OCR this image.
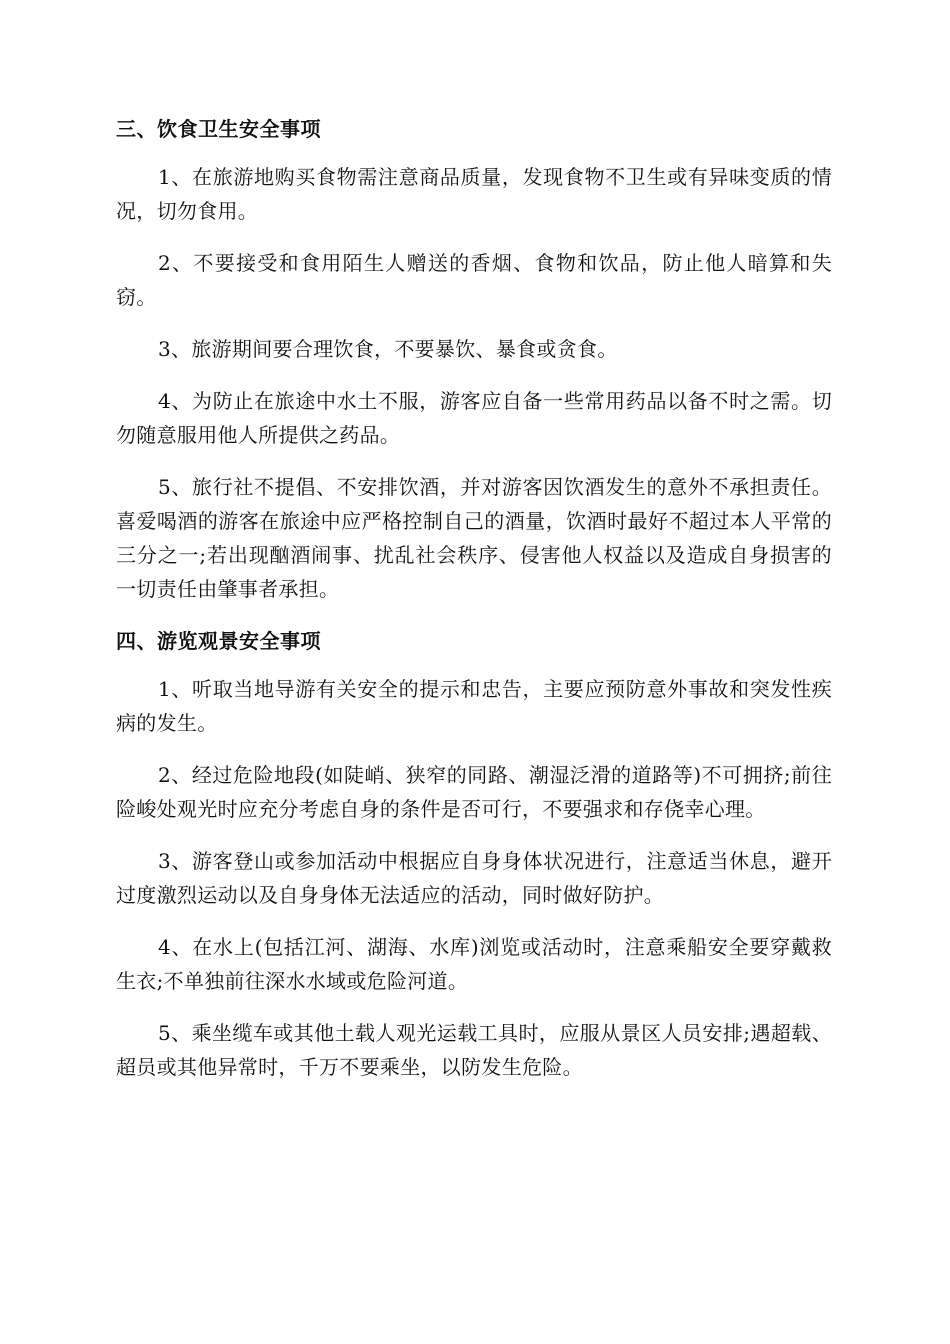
三、饮食卫生安全事项

1、在旅游地购买食物需注意商品质量，发现食物不卫生或有异味变质的情况，切勿食用。

2、不要接受和食用陌生人赠送的香烟、食物和饮品，防止他人暗算和失窃。

3、旅游期间要合理饮食，不要暴饮、暴食或贪食。

4、为防止在旅途中水土不服，游客应自备一些常用药品以备不时之需。切勿随意服用他人所提供之药品。

5、旅行社不提倡、不安排饮酒，并对游客因饮酒发生的意外不承担责任。喜爱喝酒的游客在旅途中应严格控制自己的酒量，饮酒时最好不超过本人平常的三分之一;若出现酗酒闹事、扰乱社会秩序、侵害他人权益以及造成自身损害的一切责任由肇事者承担。

四、游览观景安全事项

1、听取当地导游有关安全的提示和忠告，主要应预防意外事故和突发性疾病的发生。

2、经过危险地段(如陡峭、狭窄的同路、潮湿泛滑的道路等)不可拥挤;前往险峻处观光时应充分考虑自身的条件是否可行，不要强求和存侥幸心理。

3、游客登山或参加活动中根据应自身身体状况进行，注意适当休息，避开过度激烈运动以及自身身体无法适应的活动，同时做好防护。

4、在水上(包括江河、湖海、水库)浏览或活动时，注意乘船安全要穿戴救生衣;不单独前往深水水域或危险河道。

5、乘坐缆车或其他土载人观光运载工具时，应服从景区人员安排;遇超载、超员或其他异常时，千万不要乘坐，以防发生危险。
